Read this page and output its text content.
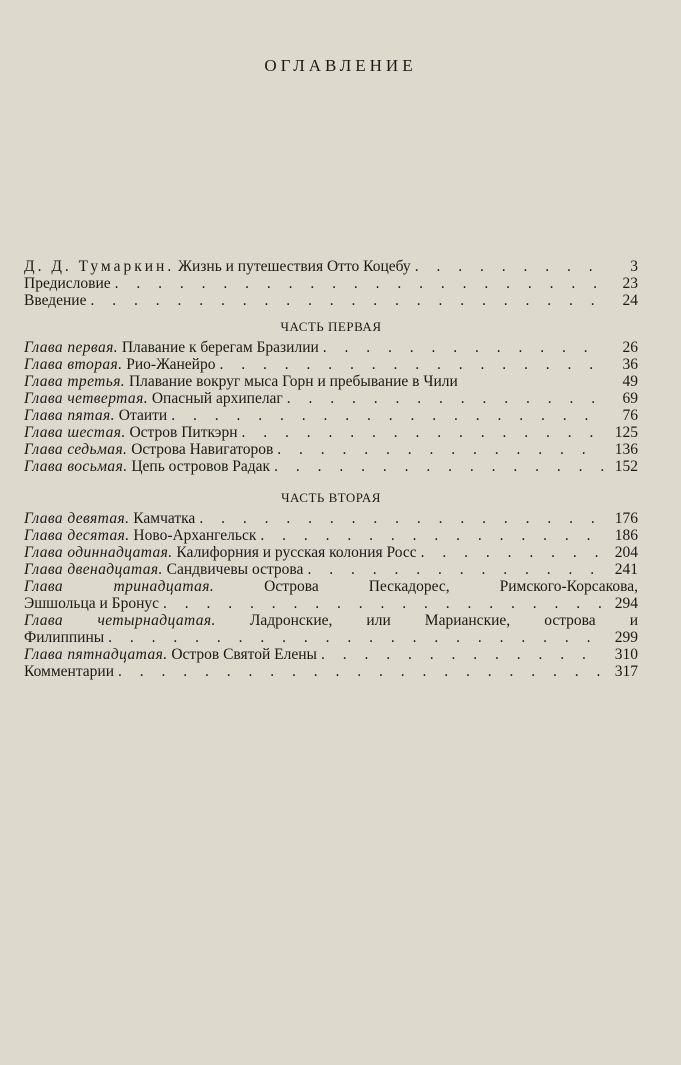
ОГЛАВЛЕНИЕ
Д. Д. Тумаркин. Жизнь и путешествия Отто Коцебу . . .	3
Предисловие . . .	23
Введение . . .	24
ЧАСТЬ ПЕРВАЯ
Глава первая. Плавание к берегам Бразилии . . .	26
Глава вторая. Рио-Жанейро . . .	36
Глава третья. Плавание вокруг мыса Горн и пребывание в Чили	49
Глава четвертая. Опасный архипелаг . . .	69
Глава пятая. Отаити . . .	76
Глава шестая. Остров Питкэрн . . .	125
Глава седьмая. Острова Навигаторов . . .	136
Глава восьмая. Цепь островов Радак . . .	152
ЧАСТЬ ВТОРАЯ
Глава девятая. Камчатка . . .	176
Глава десятая. Ново-Архангельск . . .	186
Глава одиннадцатая. Калифорния и русская колония Росс . . .	204
Глава двенадцатая. Сандвичевы острова . . .	241
Глава тринадцатая.	Острова Пескадорес, Римского-Корсакова,
Эшшольца и Бронус . . .	294
Глава четырнадцатая. Ладронские, или Марианские, острова и
Филиппины . . .	299
Глава пятнадцатая. Остров Святой Елены . . .	310
Комментарии . . .	317
